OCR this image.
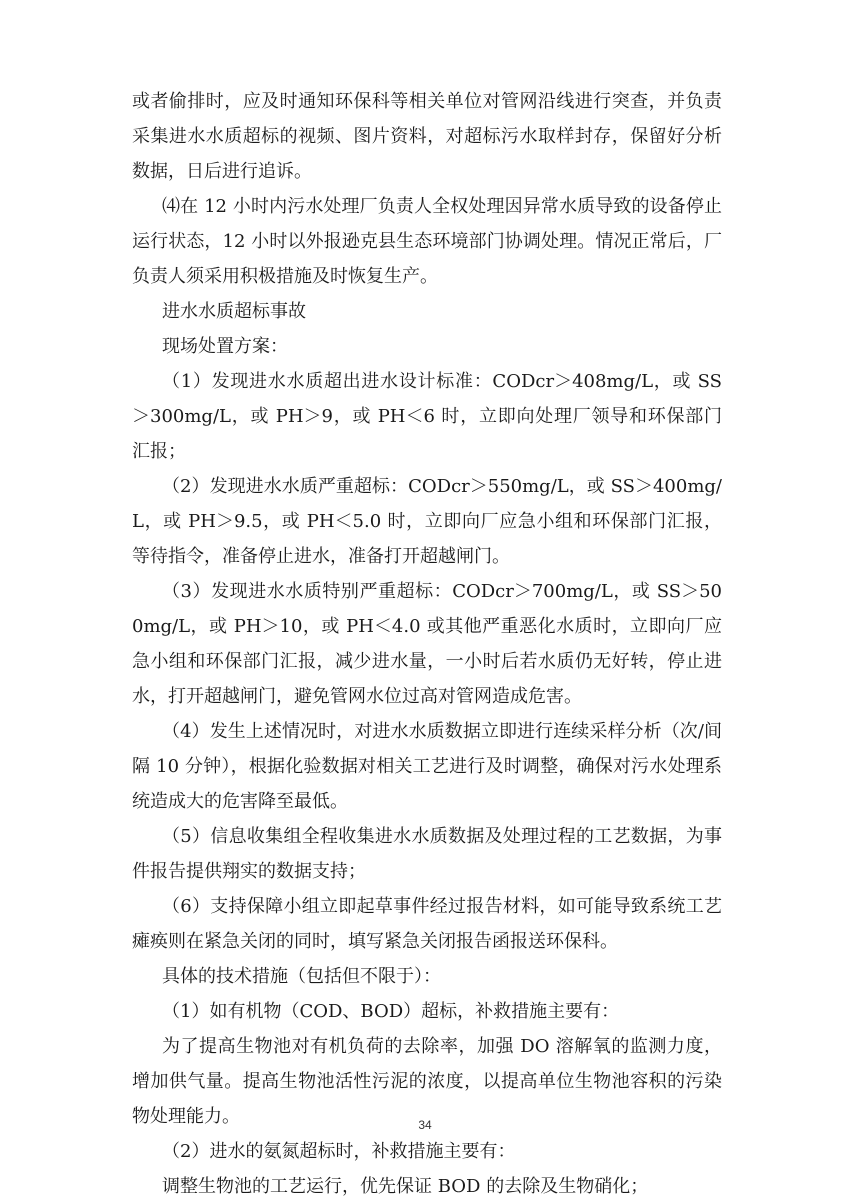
或者偷排时，应及时通知环保科等相关单位对管网沿线进行突查，并负责采集进水水质超标的视频、图片资料，对超标污水取样封存，保留好分析数据，日后进行追诉。

⑷在 12 小时内污水处理厂负责人全权处理因异常水质导致的设备停止运行状态，12 小时以外报逊克县生态环境部门协调处理。情况正常后，厂负责人须采用积极措施及时恢复生产。

进水水质超标事故

现场处置方案：

（1）发现进水水质超出进水设计标准：CODcr＞408mg/L，或 SS＞300mg/L，或 PH＞9，或 PH＜6 时，立即向处理厂领导和环保部门汇报；

（2）发现进水水质严重超标：CODcr＞550mg/L，或 SS＞400mg/L，或 PH＞9.5，或 PH＜5.0 时，立即向厂应急小组和环保部门汇报，等待指令，准备停止进水，准备打开超越闸门。

（3）发现进水水质特别严重超标：CODcr＞700mg/L，或 SS＞500mg/L，或 PH＞10，或 PH＜4.0 或其他严重恶化水质时，立即向厂应急小组和环保部门汇报，减少进水量，一小时后若水质仍无好转，停止进水，打开超越闸门，避免管网水位过高对管网造成危害。

（4）发生上述情况时，对进水水质数据立即进行连续采样分析（次/间隔 10 分钟），根据化验数据对相关工艺进行及时调整，确保对污水处理系统造成大的危害降至最低。

（5）信息收集组全程收集进水水质数据及处理过程的工艺数据，为事件报告提供翔实的数据支持；

（6）支持保障小组立即起草事件经过报告材料，如可能导致系统工艺瘫痪则在紧急关闭的同时，填写紧急关闭报告函报送环保科。

具体的技术措施（包括但不限于）：

（1）如有机物（COD、BOD）超标，补救措施主要有：

为了提高生物池对有机负荷的去除率，加强 DO 溶解氧的监测力度，增加供气量。提高生物池活性污泥的浓度，以提高单位生物池容积的污染物处理能力。

（2）进水的氨氮超标时，补救措施主要有：

调整生物池的工艺运行，优先保证 BOD 的去除及生物硝化；

34
